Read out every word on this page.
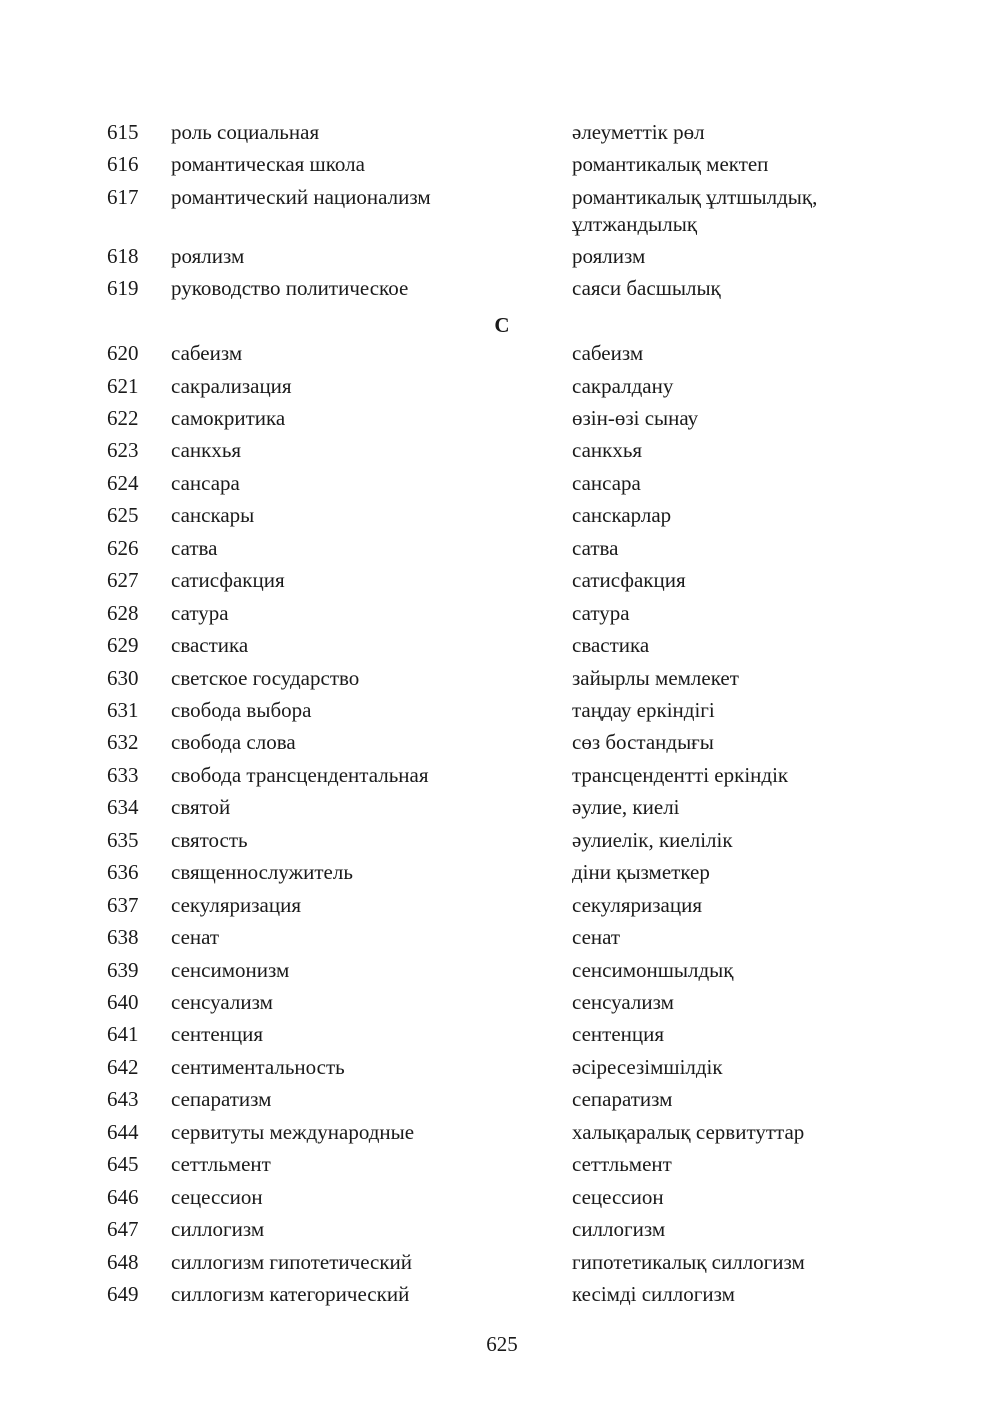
615 роль социальная	әлеуметтік рөл
616 романтическая школа	романтикалық мектеп
617 романтический национализм	романтикалық ұлтшылдық, ұлтжандылық
618 роялизм	роялизм
619 руководство политическое	саяси басшылық
С
620 сабеизм	сабеизм
621 сакрализация	сакралдану
622 самокритика	өзін-өзі сынау
623 санкхья	санкхья
624 сансара	сансара
625 санскары	санскарлар
626 сатва	сатва
627 сатисфакция	сатисфакция
628 сатура	сатура
629 свастика	свастика
630 светское государство	зайырлы мемлекет
631 свобода выбора	таңдау еркіндігі
632 свобода слова	сөз бостандығы
633 свобода трансцендентальная	трансцендентті еркіндік
634 святой	әулие, киелі
635 святость	әулиелік, киелілік
636 священнослужитель	діни қызметкер
637 секуляризация	секуляризация
638 сенат	сенат
639 сенсимонизм	сенсимоншылдық
640 сенсуализм	сенсуализм
641 сентенция	сентенция
642 сентиментальность	әсіресезімшілдік
643 сепаратизм	сепаратизм
644 сервитуты международные	халықаралық сервитуттар
645 сеттльмент	сеттльмент
646 сецессион	сецессион
647 силлогизм	силлогизм
648 силлогизм гипотетический	гипотетикалық силлогизм
649 силлогизм категорический	кесімді силлогизм
625
